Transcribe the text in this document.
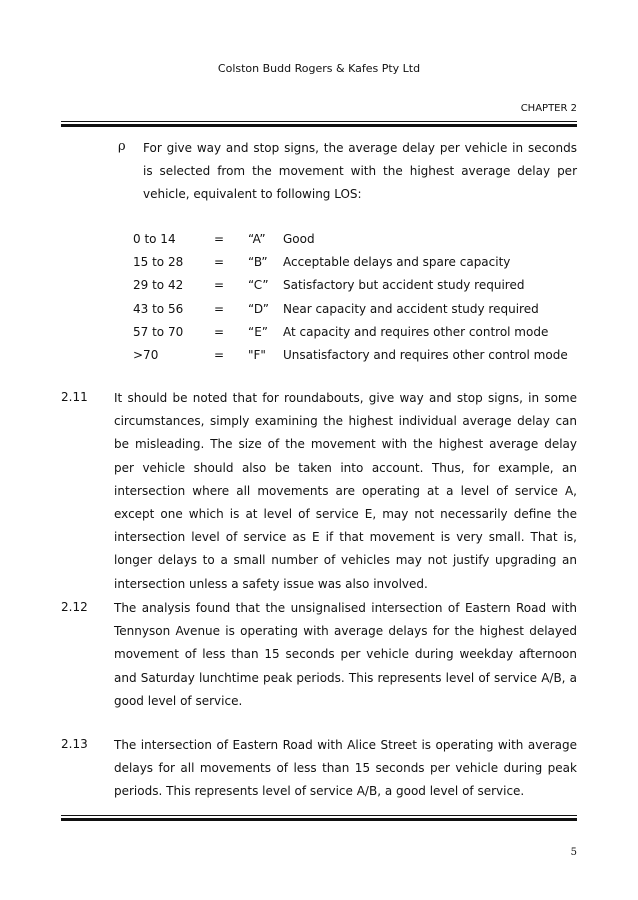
Colston Budd Rogers & Kafes Pty Ltd
CHAPTER 2
ρ For give way and stop signs, the average delay per vehicle in seconds is selected from the movement with the highest average delay per vehicle, equivalent to following LOS:
0 to 14	= “A” Good
15 to 28	= “B” Acceptable delays and spare capacity
29 to 42	= “C” Satisfactory but accident study required
43 to 56	= “D” Near capacity and accident study required
57 to 70	= “E” At capacity and requires other control mode
>70	= "F" Unsatisfactory and requires other control mode
2.11 It should be noted that for roundabouts, give way and stop signs, in some circumstances, simply examining the highest individual average delay can be misleading. The size of the movement with the highest average delay per vehicle should also be taken into account. Thus, for example, an intersection where all movements are operating at a level of service A, except one which is at level of service E, may not necessarily define the intersection level of service as E if that movement is very small. That is, longer delays to a small number of vehicles may not justify upgrading an intersection unless a safety issue was also involved.
2.12 The analysis found that the unsignalised intersection of Eastern Road with Tennyson Avenue is operating with average delays for the highest delayed movement of less than 15 seconds per vehicle during weekday afternoon and Saturday lunchtime peak periods. This represents level of service A/B, a good level of service.
2.13 The intersection of Eastern Road with Alice Street is operating with average delays for all movements of less than 15 seconds per vehicle during peak periods. This represents level of service A/B, a good level of service.
5
